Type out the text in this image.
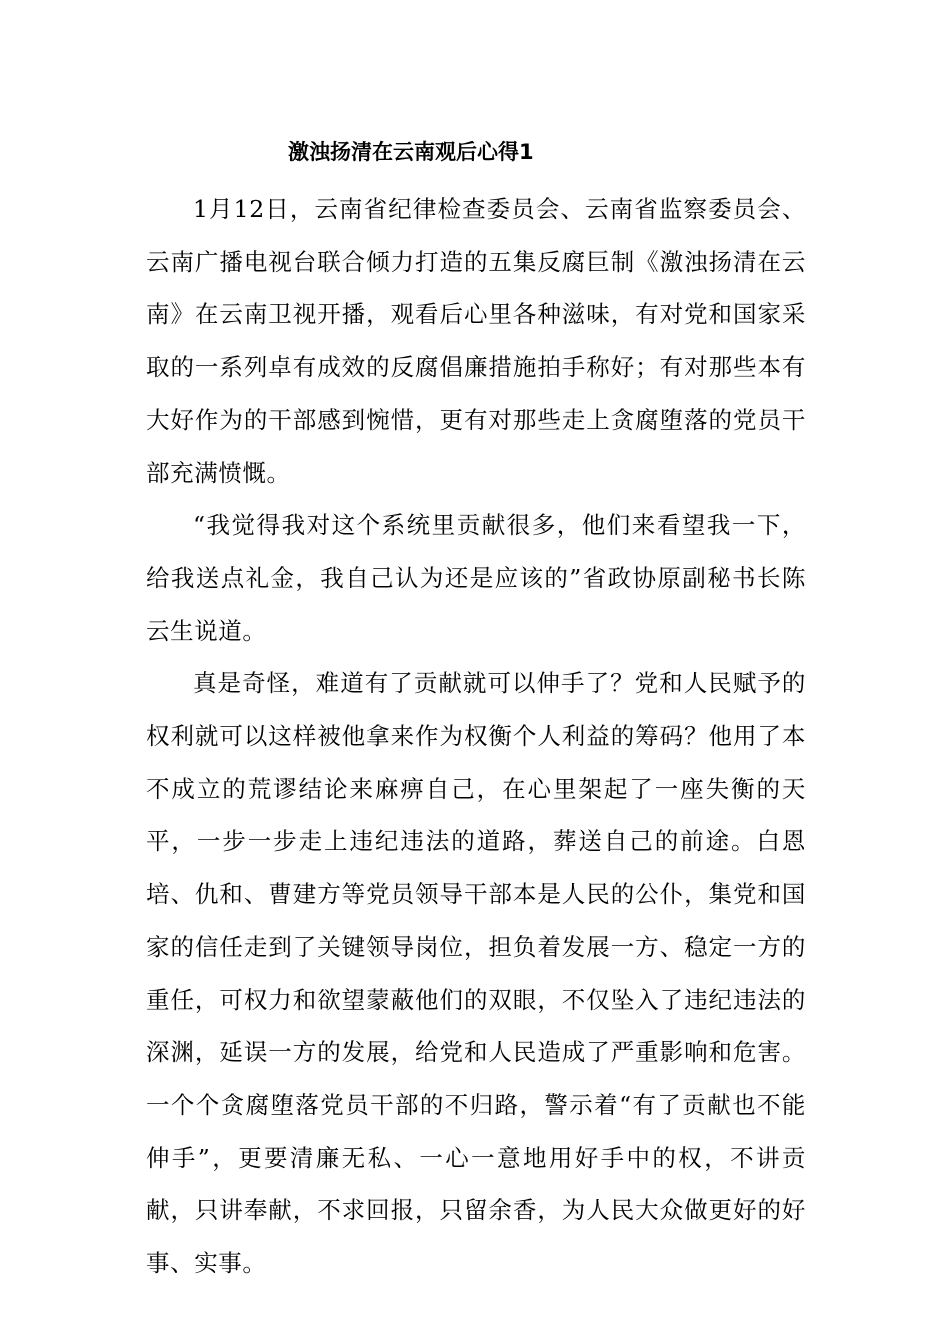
激浊扬清在云南观后心得1

1月12日，云南省纪律检查委员会、云南省监察委员会、云南广播电视台联合倾力打造的五集反腐巨制《激浊扬清在云南》在云南卫视开播，观看后心里各种滋味，有对党和国家采取的一系列卓有成效的反腐倡廉措施拍手称好；有对那些本有大好作为的干部感到惋惜，更有对那些走上贪腐堕落的党员干部充满愤慨。

“我觉得我对这个系统里贡献很多，他们来看望我一下，给我送点礼金，我自己认为还是应该的”省政协原副秘书长陈云生说道。

真是奇怪，难道有了贡献就可以伸手了？党和人民赋予的权利就可以这样被他拿来作为权衡个人利益的筹码？他用了本不成立的荒谬结论来麻痹自己，在心里架起了一座失衡的天平，一步一步走上违纪违法的道路，葬送自己的前途。白恩培、仇和、曹建方等党员领导干部本是人民的公仆，集党和国家的信任走到了关键领导岗位，担负着发展一方、稳定一方的重任，可权力和欲望蒙蔽他们的双眼，不仅坠入了违纪违法的深渊，延误一方的发展，给党和人民造成了严重影响和危害。一个个贪腐堕落党员干部的不归路，警示着“有了贡献也不能伸手”，更要清廉无私、一心一意地用好手中的权，不讲贡献，只讲奉献，不求回报，只留余香，为人民大众做更好的好事、实事。
